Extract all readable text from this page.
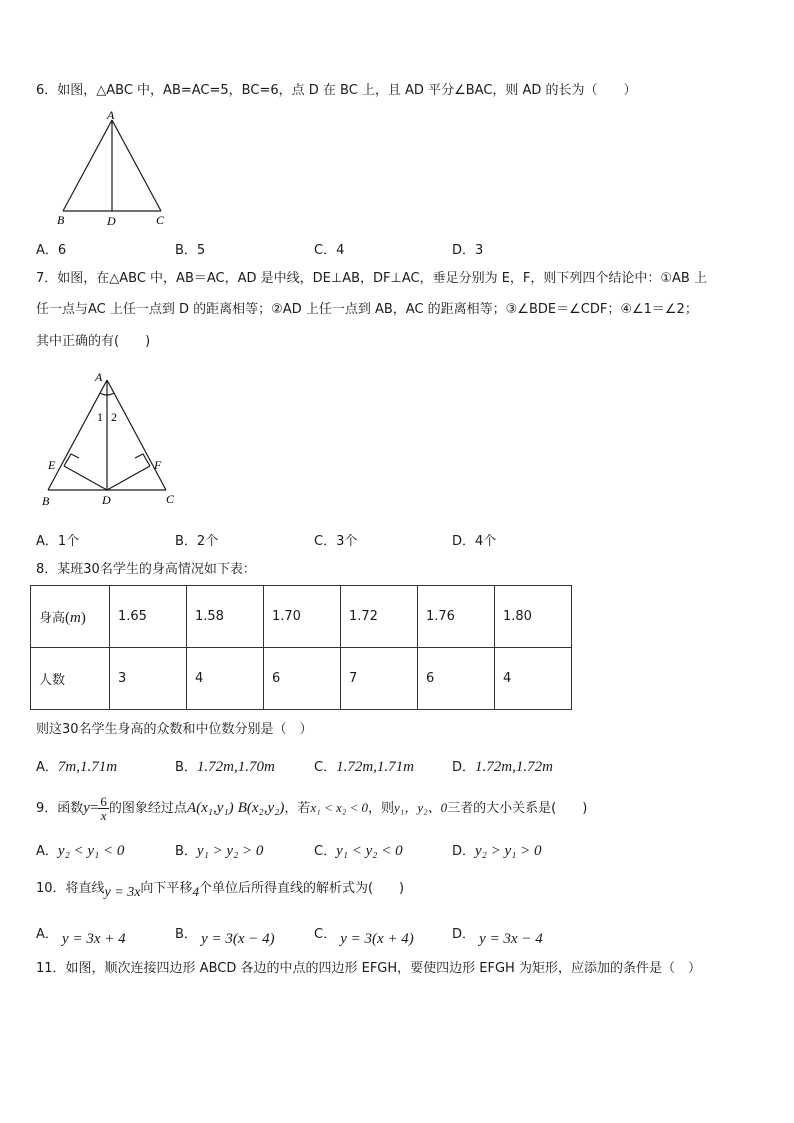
6．如图，△ABC 中，AB=AC=5，BC=6，点 D 在 BC 上，且 AD 平分∠BAC，则 AD 的长为（　　）
A
B	D	C
A．6	B．5	C．4	D．3
7．如图，在△ABC 中，AB＝AC，AD 是中线，DE⊥AB，DF⊥AC，垂足分别为 E，F，则下列四个结论中：①AB 上
任一点与AC 上任一点到 D 的距离相等；②AD 上任一点到 AB，AC 的距离相等；③∠BDE＝∠CDF；④∠1＝∠2；
其中正确的有(　　)
A
1 2
E	F
B	D	C
A．1个	B．2个	C．3个	D．4个
8．某班30名学生的身高情况如下表：
身高(m)	1.65	1.58	1.70	1.72	1.76	1.80
人数	3	4	6	7	6	4
则这30名学生身高的众数和中位数分别是（　）
A．7m,1.71m	B．1.72m,1.70m	C．1.72m,1.71m	D．1.72m,1.72m
9．函数$y= \frac{6}{x}$ 的图象经过点A(x₁,y₁) B(x₂,y₂)，若x₁ < x₂ < 0，则y₁，y₂、0三者的大小关系是(　　)
A．y₂ < y₁ < 0	B．y₁ > y₂ > 0	C．y₁ < y₂ < 0	D．y₂ > y₁ > 0
10．将直线y = 3x向下平移4个单位后所得直线的解析式为(　　)
A． y = 3x + 4	B． y = 3(x − 4)	C． y = 3(x + 4)	D． y = 3x − 4
11．如图，顺次连接四边形 ABCD 各边的中点的四边形 EFGH，要使四边形 EFGH 为矩形，应添加的条件是（　）
